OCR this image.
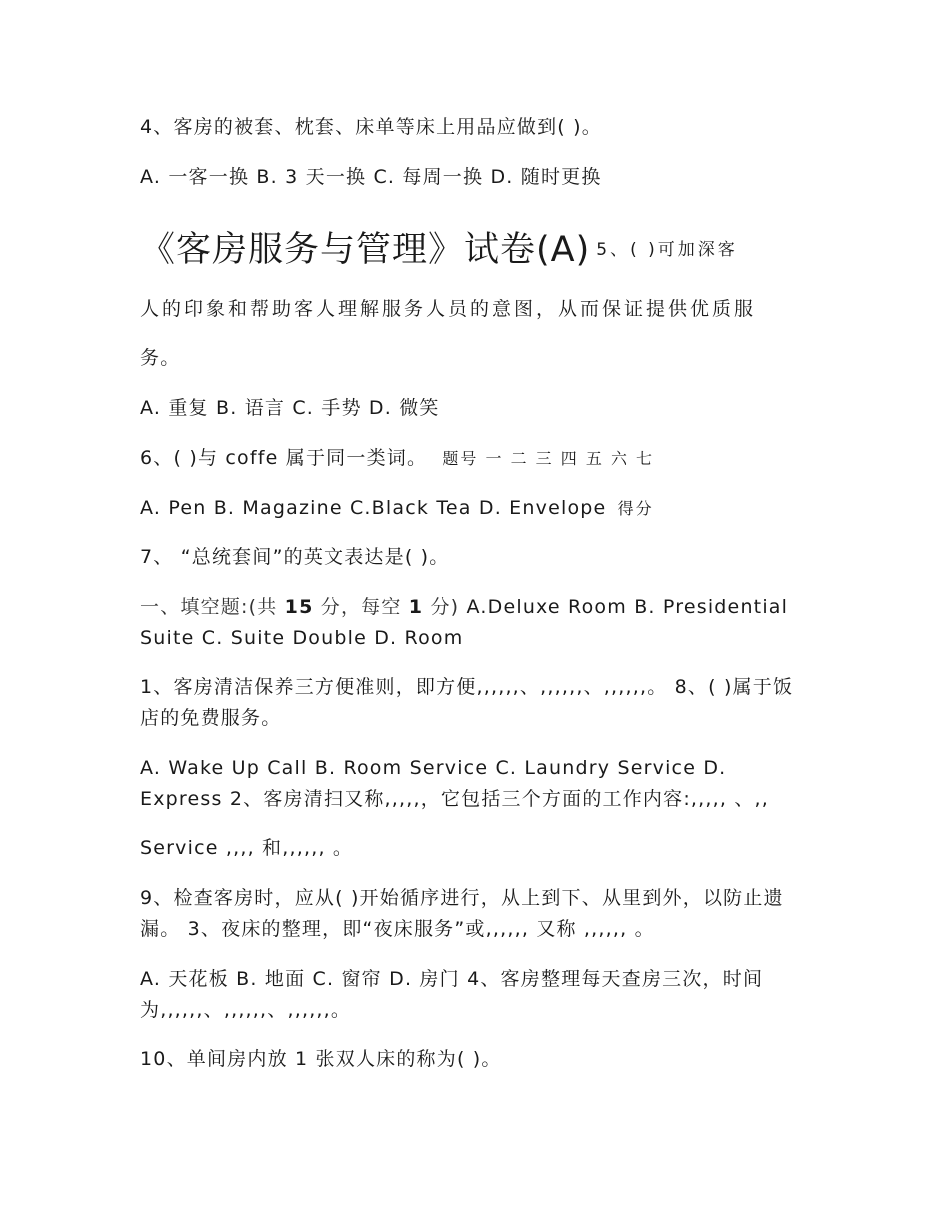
4、客房的被套、枕套、床单等床上用品应做到( )。
A. 一客一换 B. 3 天一换 C. 每周一换 D. 随时更换
《客房服务与管理》试卷(A) 5、( )可加深客
人的印象和帮助客人理解服务人员的意图，从而保证提供优质服
务。
A. 重复 B. 语言 C. 手势 D. 微笑
6、( )与 coffe 属于同一类词。 题号 一 二 三 四 五 六 七
A. Pen B. Magazine C.Black Tea D. Envelope 得分
7、 “总统套间”的英文表达是( )。
一、填空题:(共 15 分，每空 1 分) A.Deluxe Room B. Presidential Suite C. Suite Double D. Room
1、客房清洁保养三方便准则，即方便,,,,,,、,,,,,,、,,,,,,。 8、( )属于饭店的免费服务。
A. Wake Up Call B. Room Service C. Laundry Service D. Express 2、客房清扫又称,,,,,，它包括三个方面的工作内容:,,,,, 、,,
Service ,,,, 和,,,,,, 。
9、检查客房时，应从( )开始循序进行，从上到下、从里到外，以防止遗漏。 3、夜床的整理，即“夜床服务”或,,,,,, 又称 ,,,,,, 。
A. 天花板 B. 地面 C. 窗帘 D. 房门 4、客房整理每天查房三次，时间为,,,,,,、,,,,,,、,,,,,,。
10、单间房内放 1 张双人床的称为( )。
